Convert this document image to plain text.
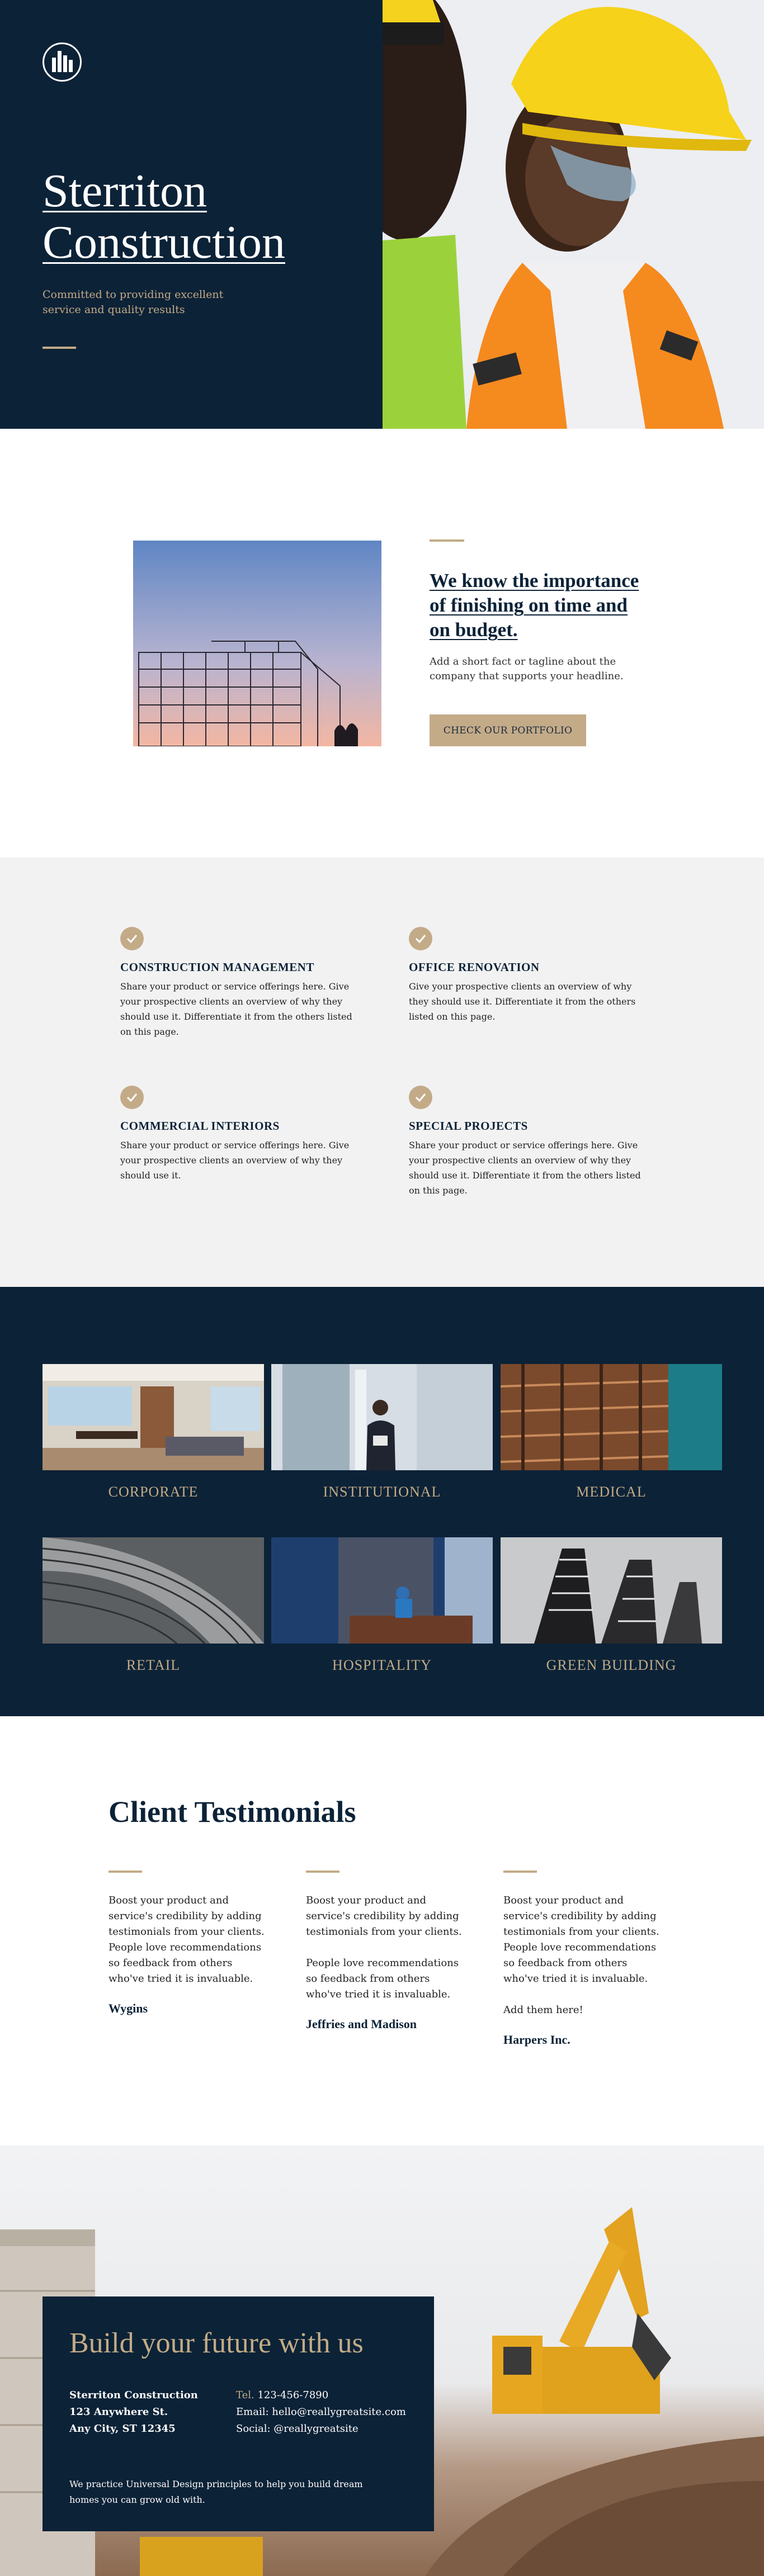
Sterriton Construction
Committed to providing excellent service and quality results
We know the importance of finishing on time and on budget.

Add a short fact or tagline about the company that supports your headline.

CHECK OUR PORTFOLIO
CONSTRUCTION MANAGEMENT

Share your product or service offerings here. Give your prospective clients an overview of why they should use it. Differentiate it from the others listed on this page.

OFFICE RENOVATION

Give your prospective clients an overview of why they should use it. Differentiate it from the others listed on this page.

COMMERCIAL INTERIORS

Share your product or service offerings here. Give your prospective clients an overview of why they should use it.

SPECIAL PROJECTS

Share your product or service offerings here. Give your prospective clients an overview of why they should use it. Differentiate it from the others listed on this page.

CORPORATE	INSTITUTIONAL	MEDICAL
RETAIL	HOSPITALITY	GREEN BUILDING
Client Testimonials
Boost your product and service's credibility by adding testimonials from your clients. People love recommendations so feedback from others who've tried it is invaluable.
Wygins
Boost your product and service's credibility by adding testimonials from your clients.

People love recommendations so feedback from others who've tried it is invaluable.
Jeffries and Madison
Boost your product and service's credibility by adding testimonials from your clients. People love recommendations so feedback from others who've tried it is invaluable.

Add them here!
Harpers Inc.
Build your future with us
Sterriton Construction
123 Anywhere St.
Any City, ST 12345
Tel. 123-456-7890
Email: hello@reallygreatsite.com
Social: @reallygreatsite
We practice Universal Design principles to help you build dream homes you can grow old with.
